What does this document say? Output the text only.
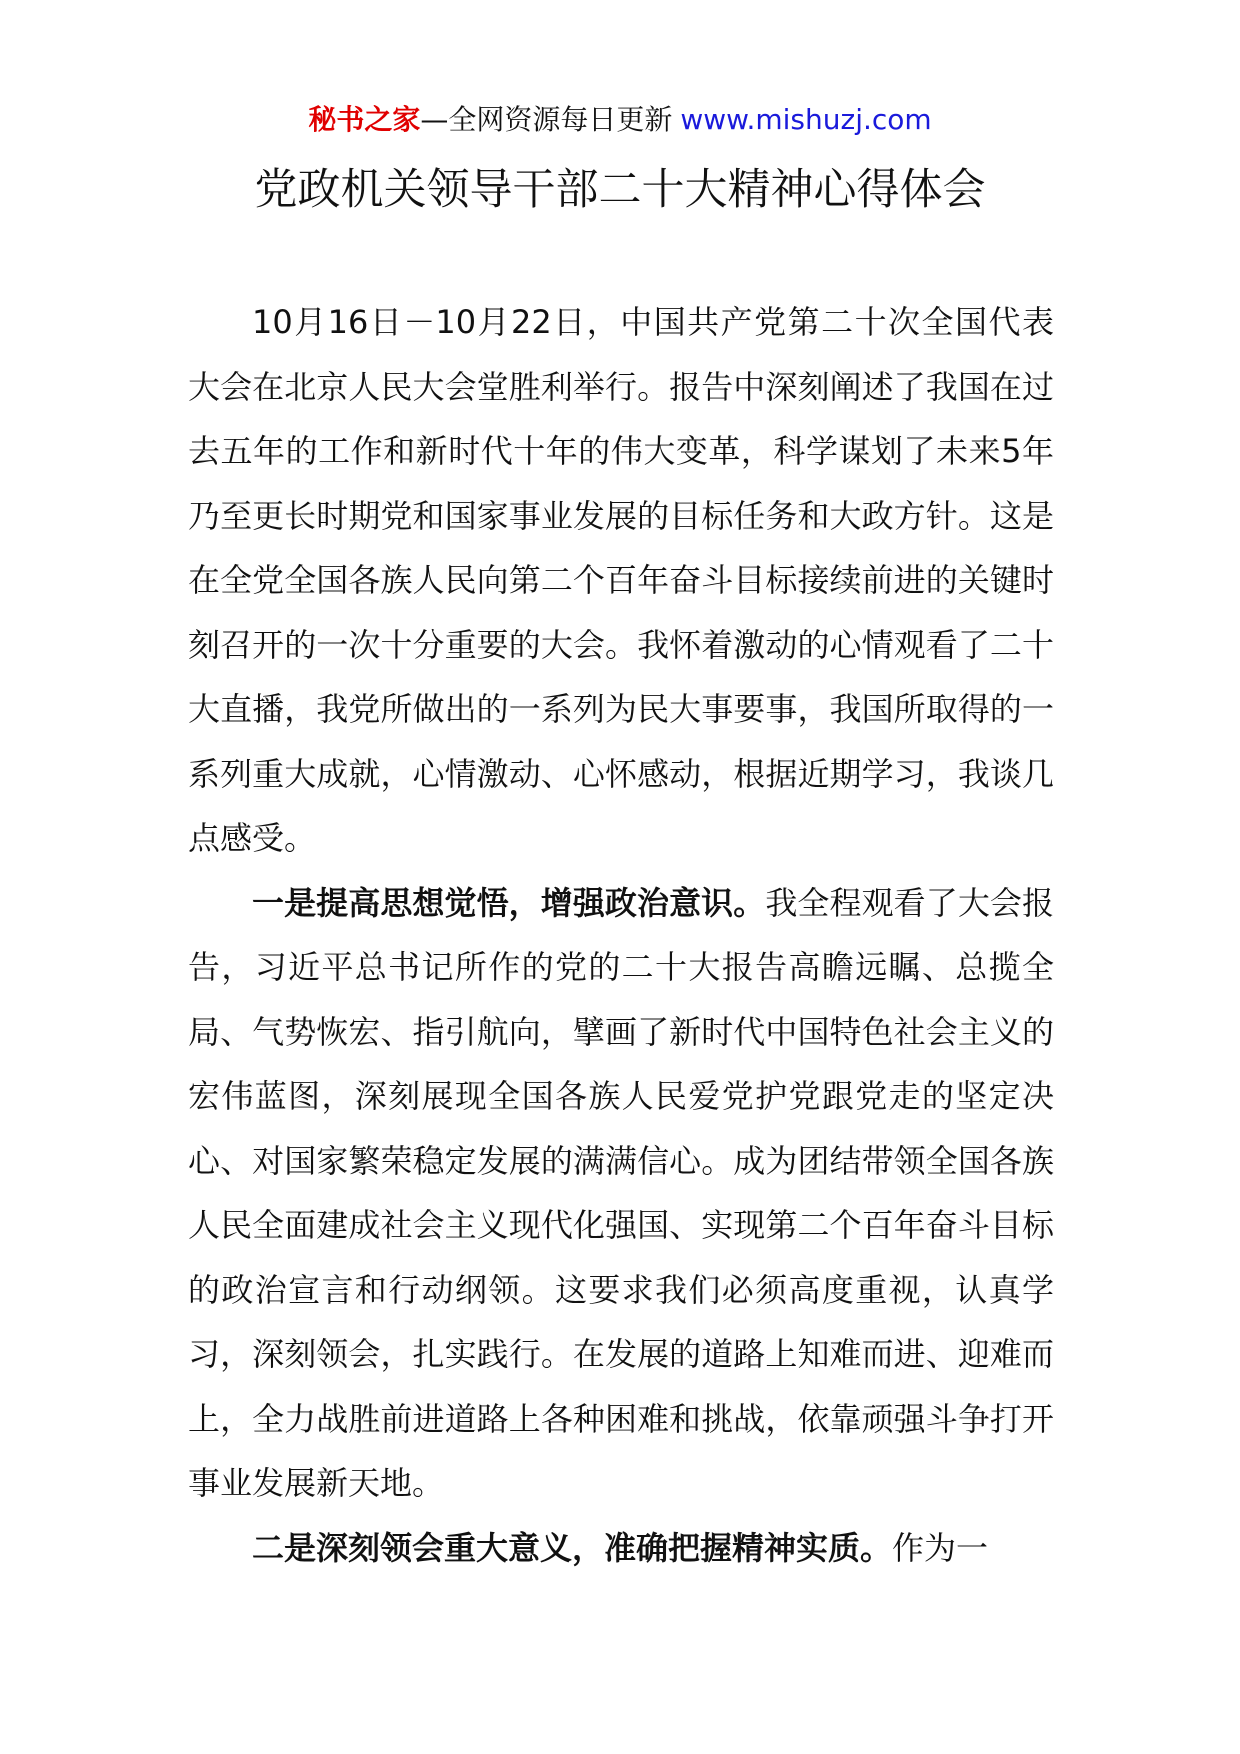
秘书之家—全网资源每日更新 www.mishuzj.com
党政机关领导干部二十大精神心得体会

10月16日－10月22日，中国共产党第二十次全国代表大会在北京人民大会堂胜利举行。报告中深刻阐述了我国在过去五年的工作和新时代十年的伟大变革，科学谋划了未来5年乃至更长时期党和国家事业发展的目标任务和大政方针。这是在全党全国各族人民向第二个百年奋斗目标接续前进的关键时刻召开的一次十分重要的大会。我怀着激动的心情观看了二十大直播，我党所做出的一系列为民大事要事，我国所取得的一系列重大成就，心情激动、心怀感动，根据近期学习，我谈几点感受。

一是提高思想觉悟，增强政治意识。我全程观看了大会报告，习近平总书记所作的党的二十大报告高瞻远瞩、总揽全局、气势恢宏、指引航向，擘画了新时代中国特色社会主义的宏伟蓝图，深刻展现全国各族人民爱党护党跟党走的坚定决心、对国家繁荣稳定发展的满满信心。成为团结带领全国各族人民全面建成社会主义现代化强国、实现第二个百年奋斗目标的政治宣言和行动纲领。这要求我们必须高度重视，认真学习，深刻领会，扎实践行。在发展的道路上知难而进、迎难而上，全力战胜前进道路上各种困难和挑战，依靠顽强斗争打开事业发展新天地。

二是深刻领会重大意义，准确把握精神实质。作为一
